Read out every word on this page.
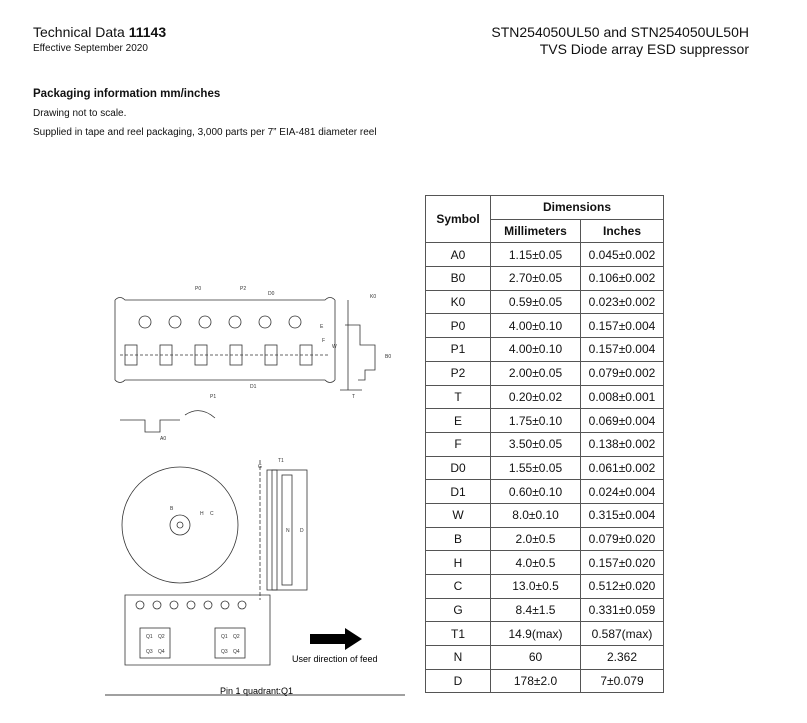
Technical Data 11143
Effective September 2020
STN254050UL50 and STN254050UL50H
TVS Diode array ESD suppressor
Packaging information mm/inches
Drawing not to scale.
Supplied in tape and reel packaging, 3,000 parts per 7” EIA-481 diameter reel
User direction of feed
Pin 1 quadrant:Q1
Q1 Q2
Q3 Q4
Q1 Q2
Q3 Q4
P0	P2
D0	K0
E
F
W
T
B0
P1
D1
A0
G
T1
B
H C
N D
Symbol	Dimensions	
	Millimeters	Inches
A0	1.15±0.05	0.045±0.002
B0	2.70±0.05	0.106±0.002
K0	0.59±0.05	0.023±0.002
P0	4.00±0.10	0.157±0.004
P1	4.00±0.10	0.157±0.004
P2	2.00±0.05	0.079±0.002
T	0.20±0.02	0.008±0.001
E	1.75±0.10	0.069±0.004
F	3.50±0.05	0.138±0.002
D0	1.55±0.05	0.061±0.002
D1	0.60±0.10	0.024±0.004
W	8.0±0.10	0.315±0.004
B	2.0±0.5	0.079±0.020
H	4.0±0.5	0.157±0.020
C	13.0±0.5	0.512±0.020
G	8.4±1.5	0.331±0.059
T1	14.9(max)	0.587(max)
N	60	2.362
D	178±2.0	7±0.079
